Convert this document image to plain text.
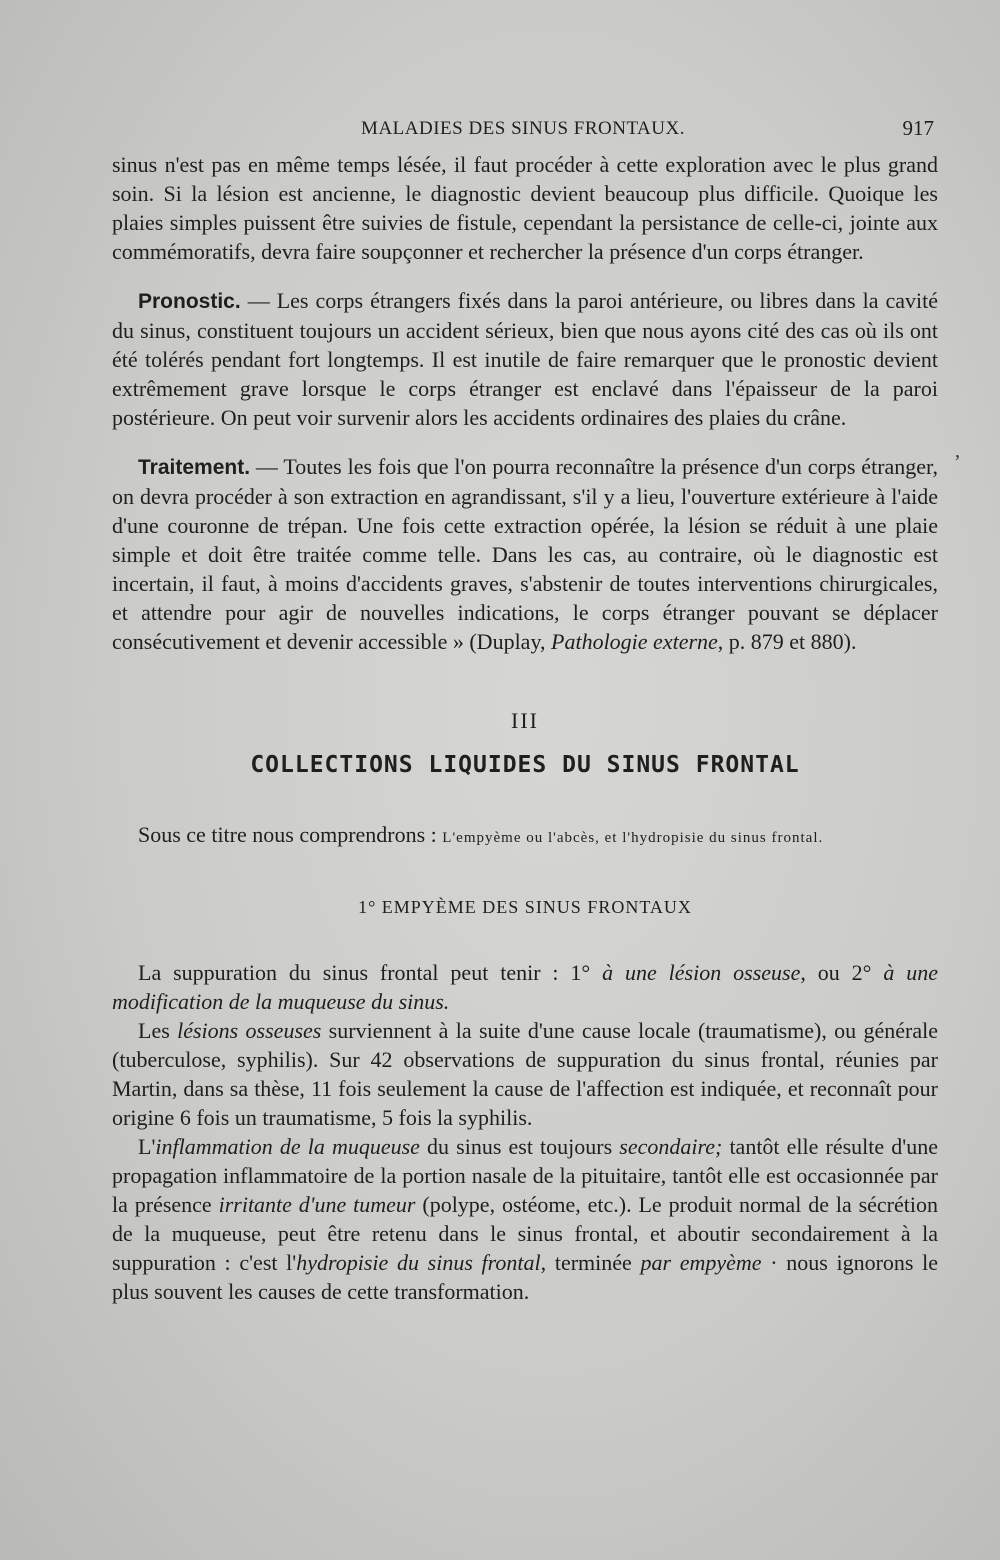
MALADIES DES SINUS FRONTAUX.	917

sinus n'est pas en même temps lésée, il faut procéder à cette exploration avec le plus grand soin. Si la lésion est ancienne, le diagnostic devient beaucoup plus difficile. Quoique les plaies simples puissent être suivies de fistule, cependant la persistance de celle-ci, jointe aux commémoratifs, devra faire soupçonner et rechercher la présence d'un corps étranger.

Pronostic. — Les corps étrangers fixés dans la paroi antérieure, ou libres dans la cavité du sinus, constituent toujours un accident sérieux, bien que nous ayons cité des cas où ils ont été tolérés pendant fort longtemps. Il est inutile de faire remarquer que le pronostic devient extrêmement grave lorsque le corps étranger est enclavé dans l'épaisseur de la paroi postérieure. On peut voir survenir alors les accidents ordinaires des plaies du crâne.

Traitement. — Toutes les fois que l'on pourra reconnaître la présence d'un corps étranger, on devra procéder à son extraction en agrandissant, s'il y a lieu, l'ouverture extérieure à l'aide d'une couronne de trépan. Une fois cette extraction opérée, la lésion se réduit à une plaie simple et doit être traitée comme telle. Dans les cas, au contraire, où le diagnostic est incertain, il faut, à moins d'accidents graves, s'abstenir de toutes interventions chirurgicales, et attendre pour agir de nouvelles indications, le corps étranger pouvant se déplacer consécutivement et devenir accessible » (Duplay, Pathologie externe, p. 879 et 880).

III

COLLECTIONS LIQUIDES DU SINUS FRONTAL

Sous ce titre nous comprendrons : L'empyème ou l'abcès, et l'hydropisie du sinus frontal.

1° EMPYÈME DES SINUS FRONTAUX

La suppuration du sinus frontal peut tenir : 1° à une lésion osseuse, ou 2° à une modification de la muqueuse du sinus.

Les lésions osseuses surviennent à la suite d'une cause locale (traumatisme), ou générale (tuberculose, syphilis). Sur 42 observations de suppuration du sinus frontal, réunies par Martin, dans sa thèse, 11 fois seulement la cause de l'affection est indiquée, et reconnaît pour origine 6 fois un traumatisme, 5 fois la syphilis.

L'inflammation de la muqueuse du sinus est toujours secondaire; tantôt elle résulte d'une propagation inflammatoire de la portion nasale de la pituitaire, tantôt elle est occasionnée par la présence irritante d'une tumeur (polype, ostéome, etc.). Le produit normal de la sécrétion de la muqueuse, peut être retenu dans le sinus frontal, et aboutir secondairement à la suppuration : c'est l'hydropisie du sinus frontal, terminée par empyème · nous ignorons le plus souvent les causes de cette transformation.

,
